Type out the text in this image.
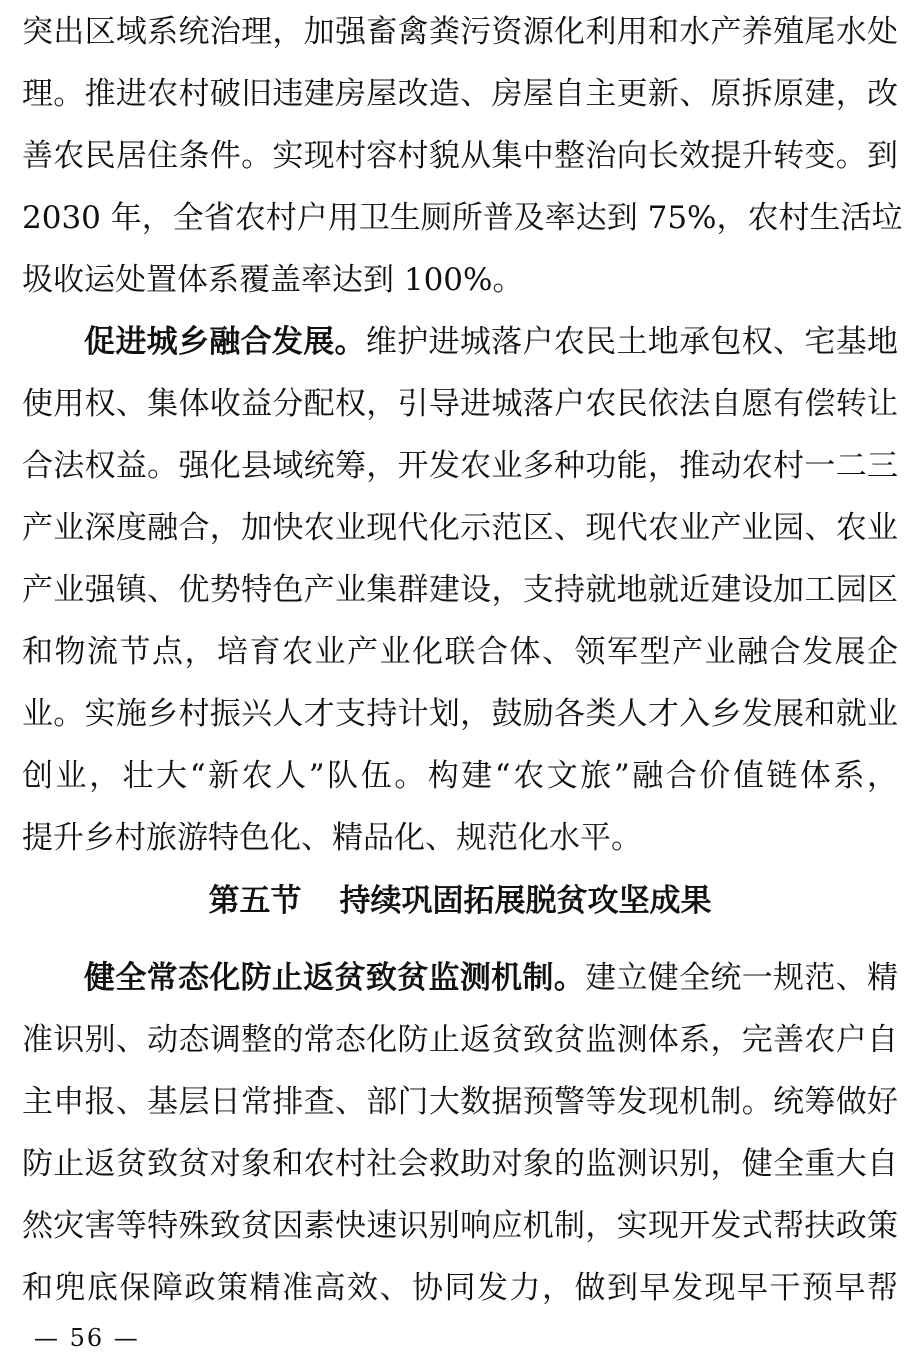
突出区域系统治理，加强畜禽粪污资源化利用和水产养殖尾水处
理。推进农村破旧违建房屋改造、房屋自主更新、原拆原建，改
善农民居住条件。实现村容村貌从集中整治向长效提升转变。到
2030 年，全省农村户用卫生厕所普及率达到 75%，农村生活垃
圾收运处置体系覆盖率达到 100%。
促进城乡融合发展。维护进城落户农民土地承包权、宅基地
使用权、集体收益分配权，引导进城落户农民依法自愿有偿转让
合法权益。强化县域统筹，开发农业多种功能，推动农村一二三
产业深度融合，加快农业现代化示范区、现代农业产业园、农业
产业强镇、优势特色产业集群建设，支持就地就近建设加工园区
和物流节点，培育农业产业化联合体、领军型产业融合发展企
业。实施乡村振兴人才支持计划，鼓励各类人才入乡发展和就业
创业，壮大“新农人”队伍。构建“农文旅”融合价值链体系，
提升乡村旅游特色化、精品化、规范化水平。
第五节 持续巩固拓展脱贫攻坚成果
健全常态化防止返贫致贫监测机制。建立健全统一规范、精
准识别、动态调整的常态化防止返贫致贫监测体系，完善农户自
主申报、基层日常排查、部门大数据预警等发现机制。统筹做好
防止返贫致贫对象和农村社会救助对象的监测识别，健全重大自
然灾害等特殊致贫因素快速识别响应机制，实现开发式帮扶政策
和兜底保障政策精准高效、协同发力，做到早发现早干预早帮
— 56 —
